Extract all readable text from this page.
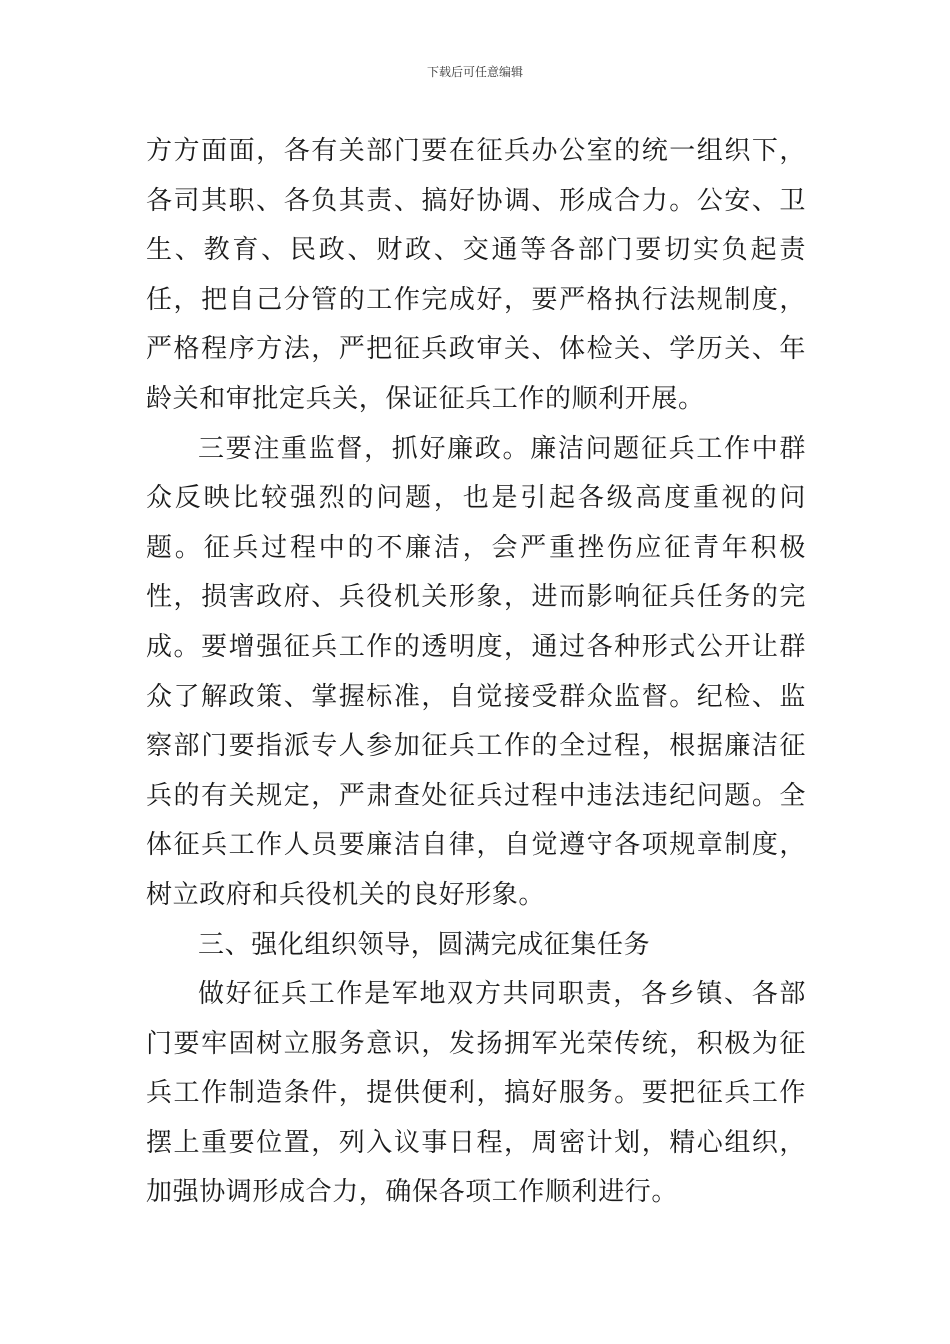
下载后可任意编辑

方方面面，各有关部门要在征兵办公室的统一组织下，各司其职、各负其责、搞好协调、形成合力。公安、卫生、教育、民政、财政、交通等各部门要切实负起责任，把自己分管的工作完成好，要严格执行法规制度，严格程序方法，严把征兵政审关、体检关、学历关、年龄关和审批定兵关，保证征兵工作的顺利开展。

三要注重监督，抓好廉政。廉洁问题征兵工作中群众反映比较强烈的问题，也是引起各级高度重视的问题。征兵过程中的不廉洁，会严重挫伤应征青年积极性，损害政府、兵役机关形象，进而影响征兵任务的完成。要增强征兵工作的透明度，通过各种形式公开让群众了解政策、掌握标准，自觉接受群众监督。纪检、监察部门要指派专人参加征兵工作的全过程，根据廉洁征兵的有关规定，严肃查处征兵过程中违法违纪问题。全体征兵工作人员要廉洁自律，自觉遵守各项规章制度，树立政府和兵役机关的良好形象。

三、强化组织领导，圆满完成征集任务

做好征兵工作是军地双方共同职责，各乡镇、各部门要牢固树立服务意识，发扬拥军光荣传统，积极为征兵工作制造条件，提供便利，搞好服务。要把征兵工作摆上重要位置，列入议事日程，周密计划，精心组织，加强协调形成合力，确保各项工作顺利进行。
